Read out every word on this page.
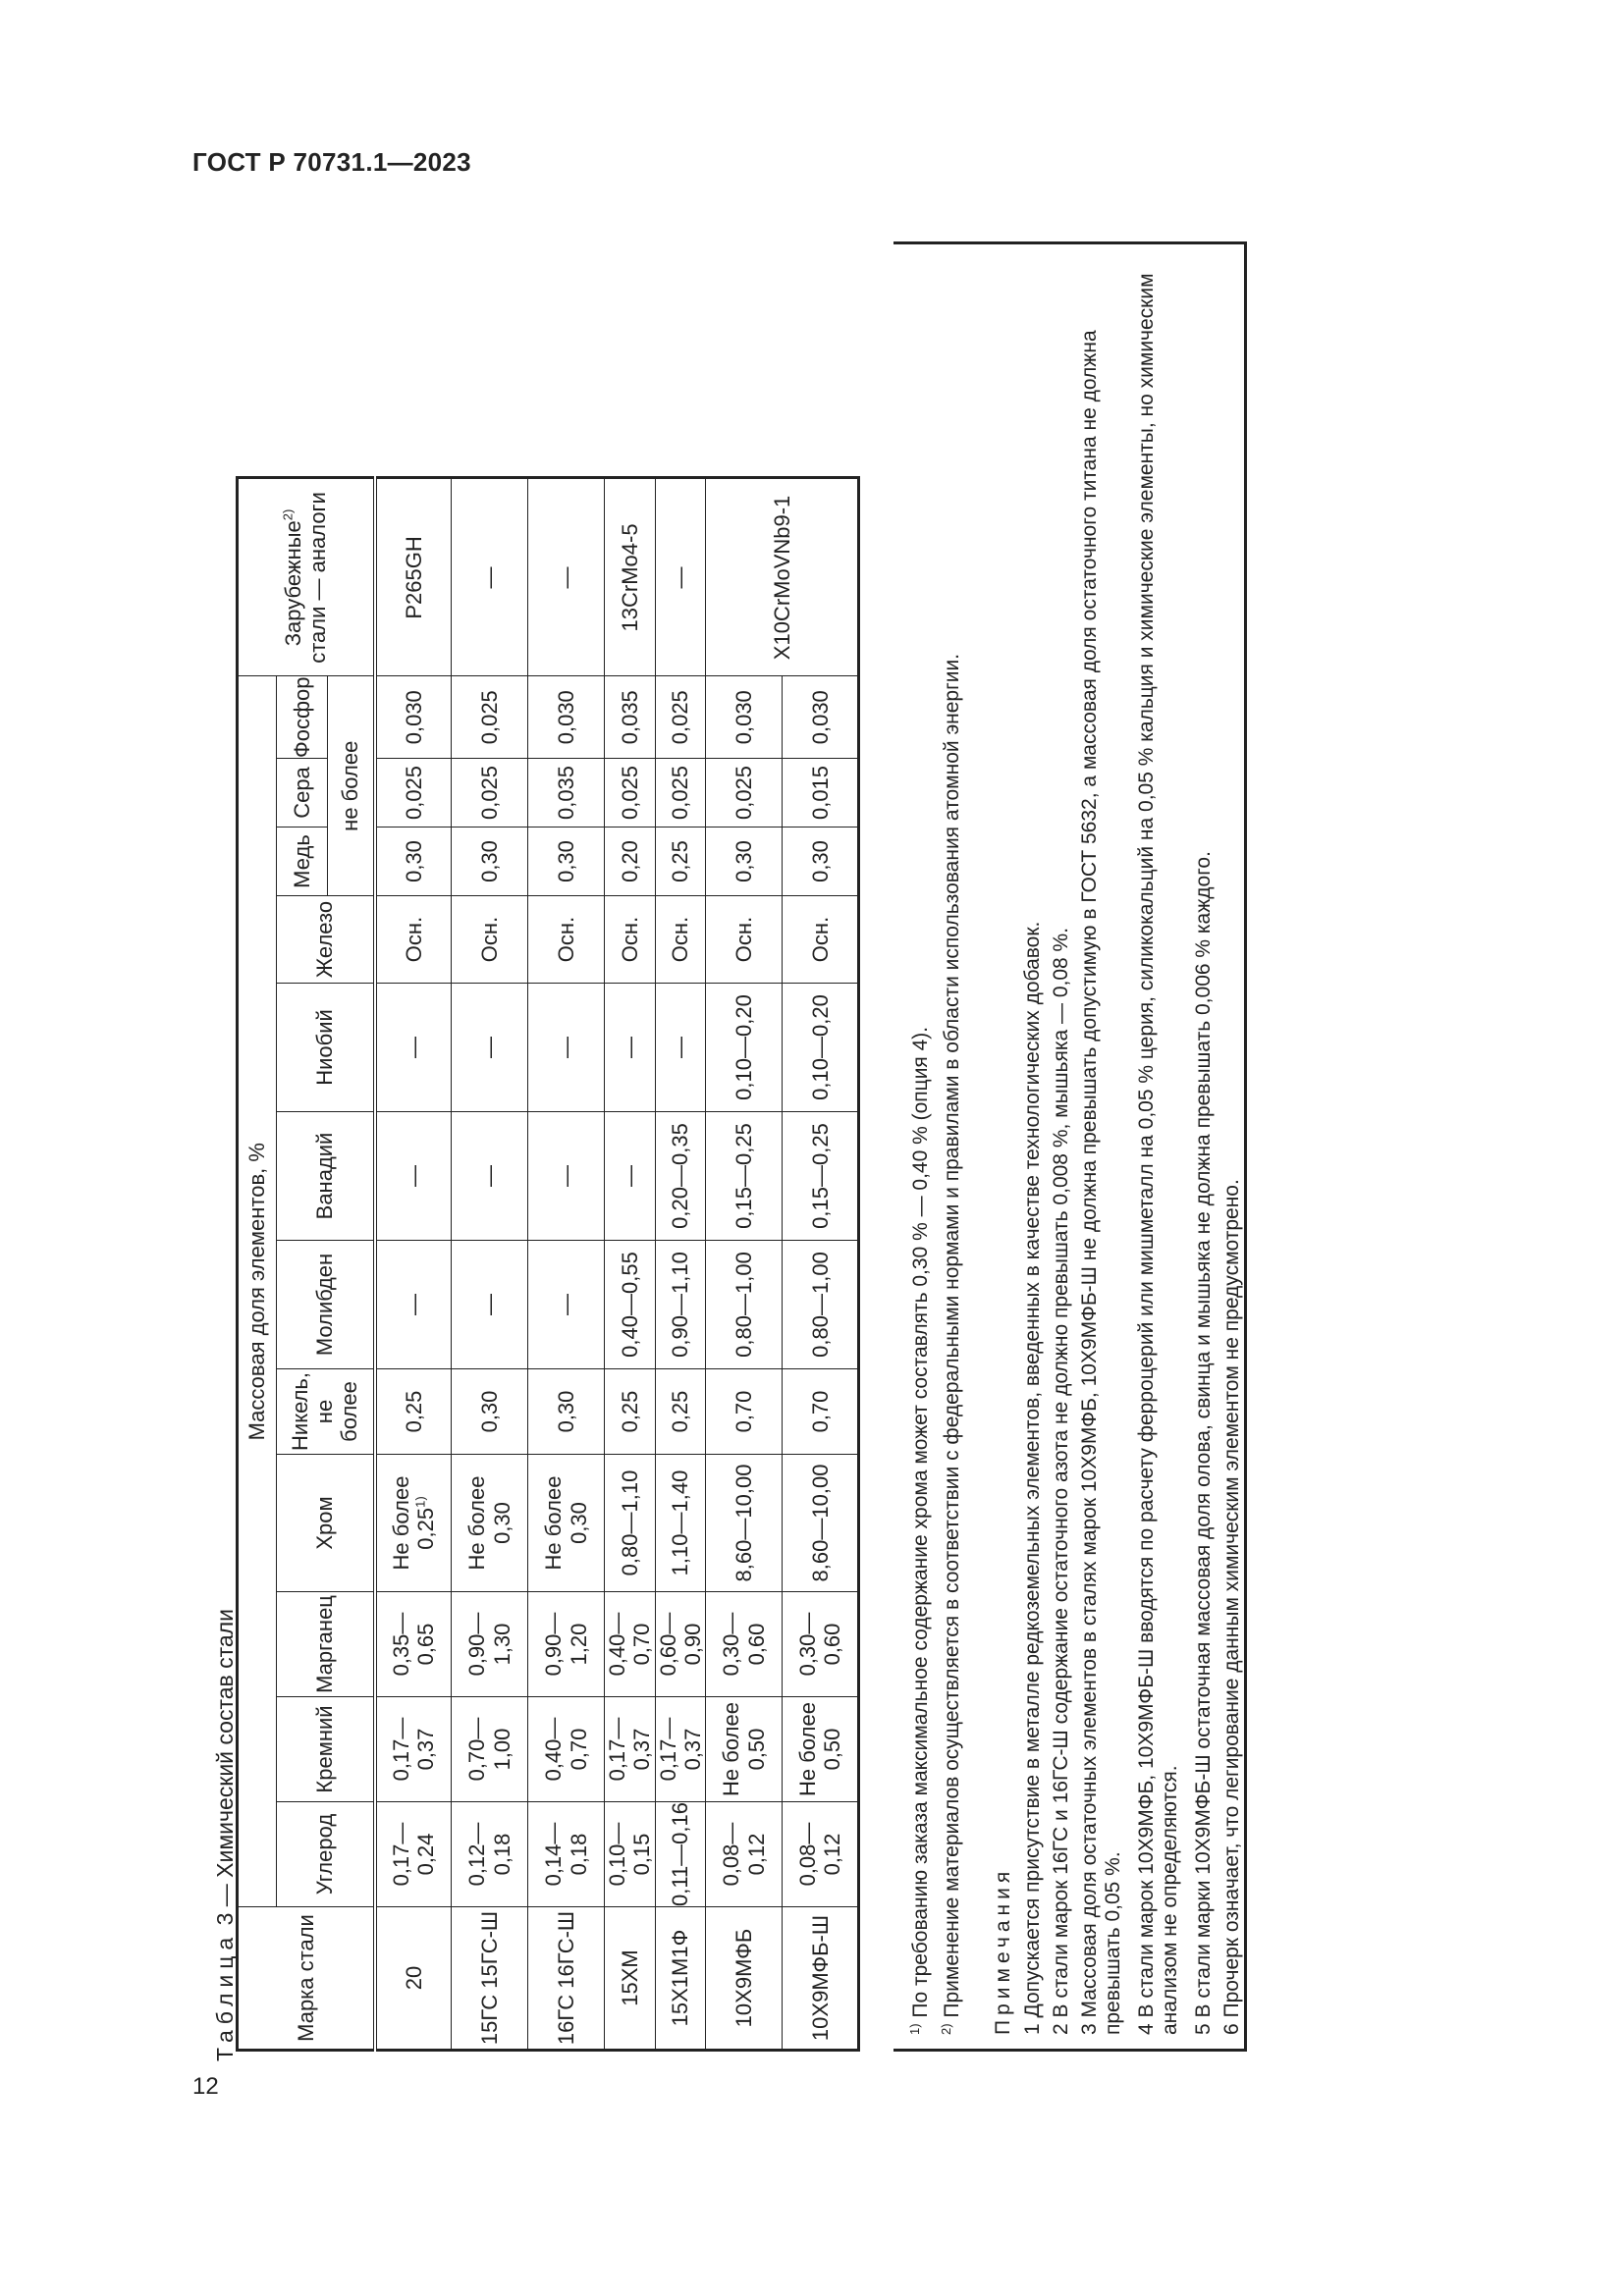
ГОСТ Р 70731.1—2023
12
Таблица 3 — Химический состав стали
Марка стали	Массовая доля элементов, %												Зарубежные$^{2)}$ стали — аналоги
	Углерод	Кремний	Марганец	Хром	Никель, не более	Молибден	Ванадий	Ниобий	Железо	Медь	Сера	Фосфор	
										не более			
20	0,17—0,24	0,17—0,37	0,35—0,65	Не более 0,25$^{1)}$	0,25	—	—	—	Осн.	0,30	0,025	0,030	P265GH
15ГС 15ГС-Ш	0,12—0,18	0,70—1,00	0,90—1,30	Не более 0,30	0,30	—	—	—	Осн.	0,30	0,025	0,025	—
16ГС 16ГС-Ш	0,14—0,18	0,40—0,70	0,90—1,20	Не более 0,30	0,30	—	—	—	Осн.	0,30	0,035	0,030	—
15ХМ	0,10—0,15	0,17—0,37	0,40—0,70	0,80—1,10	0,25	0,40—0,55	—	—	Осн.	0,20	0,025	0,035	13CrMo4-5
15Х1М1Ф	0,11—0,16	0,17—0,37	0,60—0,90	1,10—1,40	0,25	0,90—1,10	0,20—0,35	—	Осн.	0,25	0,025	0,025	—
10Х9МФБ	0,08—0,12	Не более 0,50	0,30—0,60	8,60—10,00	0,70	0,80—1,00	0,15—0,25	0,10—0,20	Осн.	0,30	0,025	0,030	X10CrMoVNb9-1
10Х9МФБ-Ш	0,08—0,12	Не более 0,50	0,30—0,60	8,60—10,00	0,70	0,80—1,00	0,15—0,25	0,10—0,20	Осн.	0,30	0,015	0,030	
$^{1)}$ По требованию заказа максимальное содержание хрома может составлять 0,30 % — 0,40 % (опция 4).
$^{2)}$ Применение материалов осуществляется в соответствии с федеральными нормами и правилами в области использования атомной энергии. Примечания 1 Допускается присутствие в металле редкоземельных элементов, введенных в качестве технологических добавок. 2 В стали марок 16ГС и 16ГС-Ш содержание остаточного азота не должно превышать 0,008 %, мышьяка — 0,08 %. 3 Массовая доля остаточных элементов в сталях марок 10Х9МФБ, 10Х9МФБ-Ш не должна превышать допустимую в ГОСТ 5632, а массовая доля остаточного титана не должна превышать 0,05 %. 4 В стали марок 10Х9МФБ, 10Х9МФБ-Ш вводятся по расчету ферроцерий или мишметалл на 0,05 % церия, силикокальций на 0,05 % кальция и химические элементы, но химическим анализом не определяются. 5 В стали марки 10Х9МФБ-Ш остаточная массовая доля олова, свинца и мышьяка не должна превышать 0,006 % каждого. 6 Прочерк означает, что легирование данным химическим элементом не предусмотрено.
